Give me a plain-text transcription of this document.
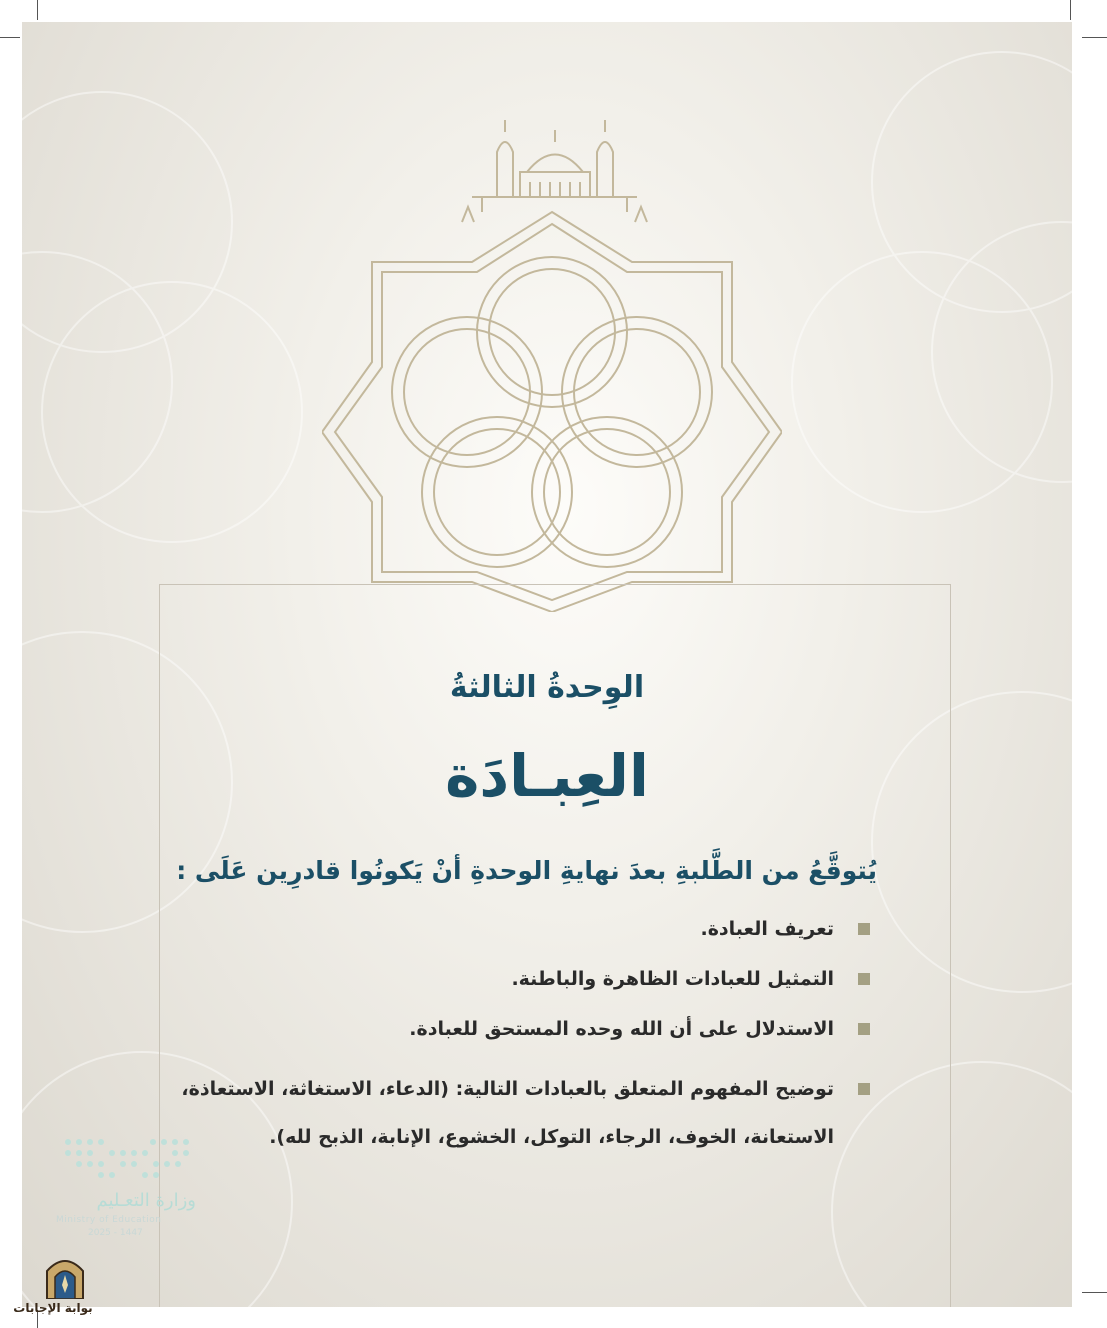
الوِحدةُ الثالثةُ
العِبـادَة
يُتوقَّعُ من الطَّلبةِ بعدَ نهايةِ الوحدةِ أنْ يَكونُوا قادرِين عَلَى :
تعريف العبادة.
التمثيل للعبادات الظاهرة والباطنة.
الاستدلال على أن الله وحده المستحق للعبادة.
توضيح المفهوم المتعلق بالعبادات التالية: (الدعاء، الاستغاثة، الاستعاذة، الاستعانة، الخوف، الرجاء، التوكل، الخشوع، الإنابة، الذبح لله).
وزارة التعـليم
Ministry of Education
2025 - 1447
بوابة الإجابات
